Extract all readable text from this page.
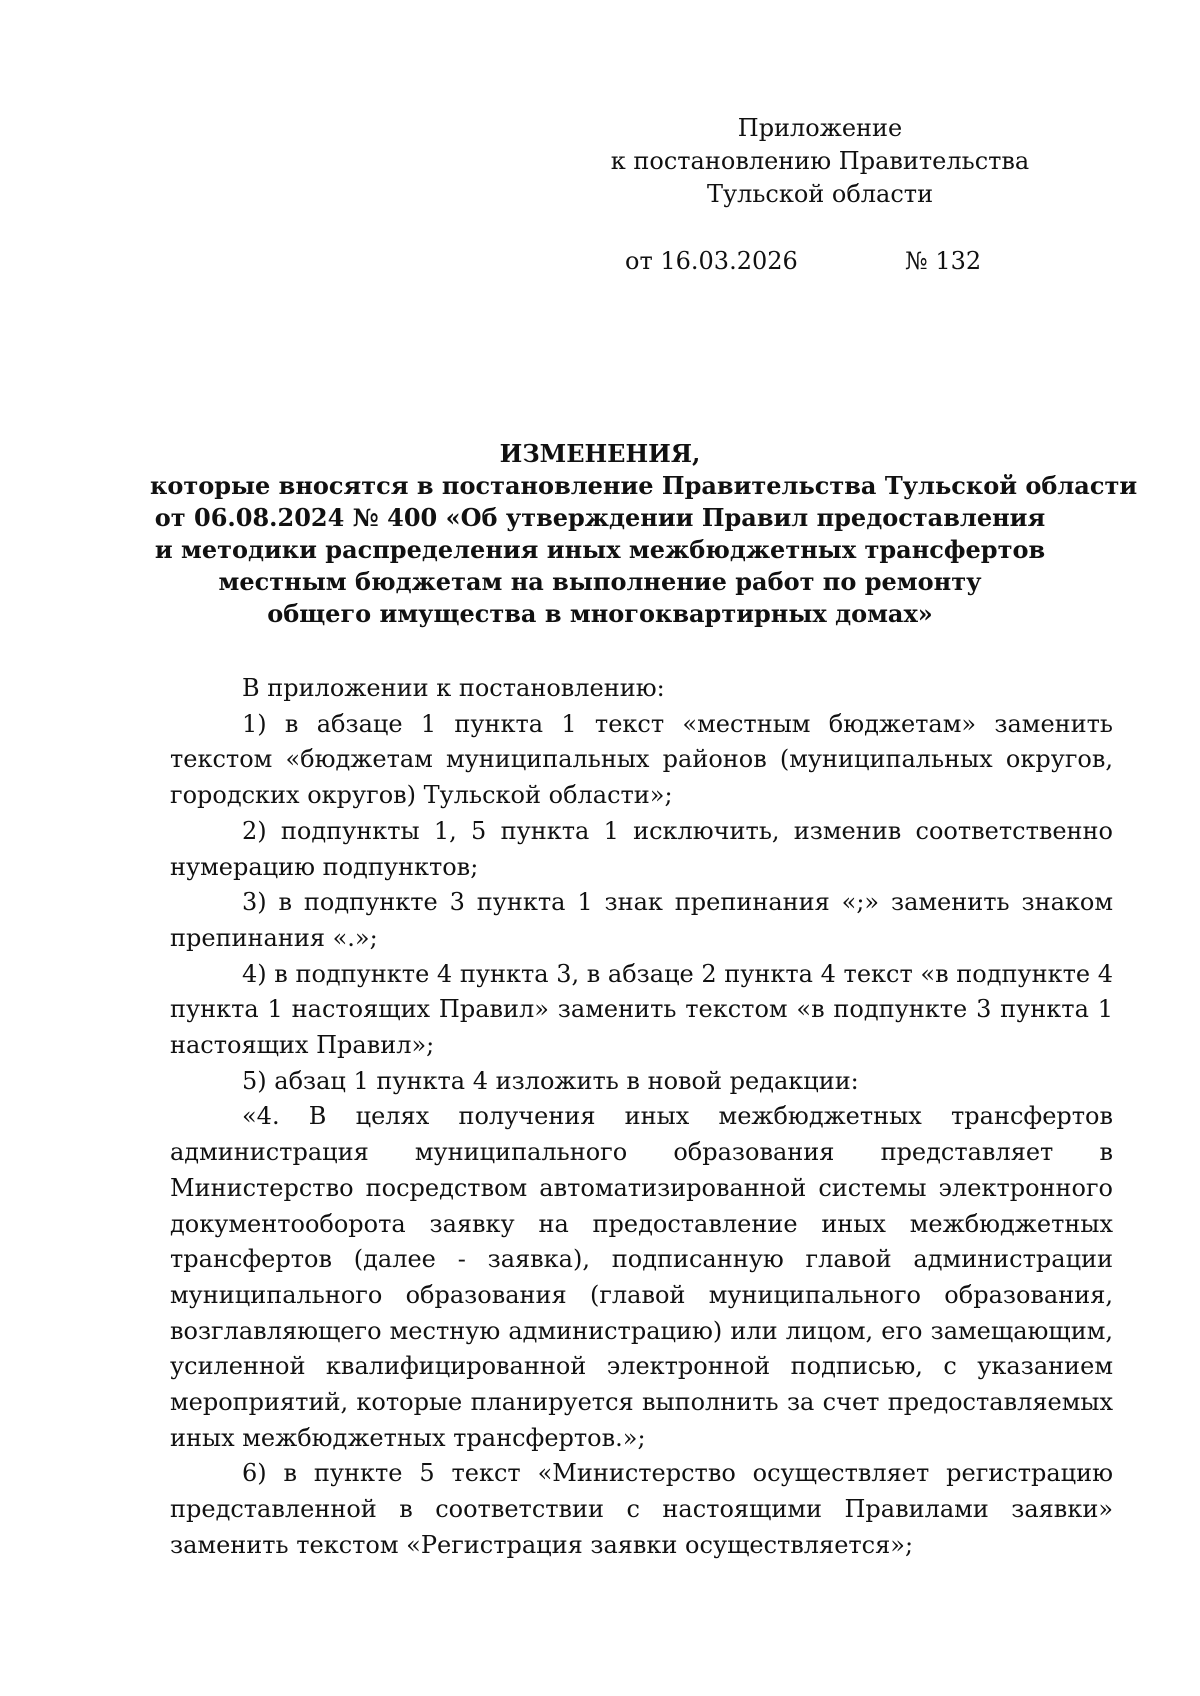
Приложение
к постановлению Правительства
Тульской области
от 16.03.2026	№ 132
ИЗМЕНЕНИЯ,
которые вносятся в постановление Правительства Тульской области
от 06.08.2024 № 400 «Об утверждении Правил предоставления
и методики распределения иных межбюджетных трансфертов
местным бюджетам на выполнение работ по ремонту
общего имущества в многоквартирных домах»

В приложении к постановлению:

1) в абзаце 1 пункта 1 текст «местным бюджетам» заменить текстом «бюджетам муниципальных районов (муниципальных округов, городских округов) Тульской области»;

2) подпункты 1, 5 пункта 1 исключить, изменив соответственно нумерацию подпунктов;

3) в подпункте 3 пункта 1 знак препинания «;» заменить знаком препинания «.»;

4) в подпункте 4 пункта 3, в абзаце 2 пункта 4 текст «в подпункте 4 пункта 1 настоящих Правил» заменить текстом «в подпункте 3 пункта 1 настоящих Правил»;

5) абзац 1 пункта 4 изложить в новой редакции:

«4. В целях получения иных межбюджетных трансфертов администрация муниципального образования представляет в Министерство посредством автоматизированной системы электронного документооборота заявку на предоставление иных межбюджетных трансфертов (далее - заявка), подписанную главой администрации муниципального образования (главой муниципального образования, возглавляющего местную администрацию) или лицом, его замещающим, усиленной квалифицированной электронной подписью, с указанием мероприятий, которые планируется выполнить за счет предоставляемых иных межбюджетных трансфертов.»;

6) в пункте 5 текст «Министерство осуществляет регистрацию представленной в соответствии с настоящими Правилами заявки» заменить текстом «Регистрация заявки осуществляется»;
